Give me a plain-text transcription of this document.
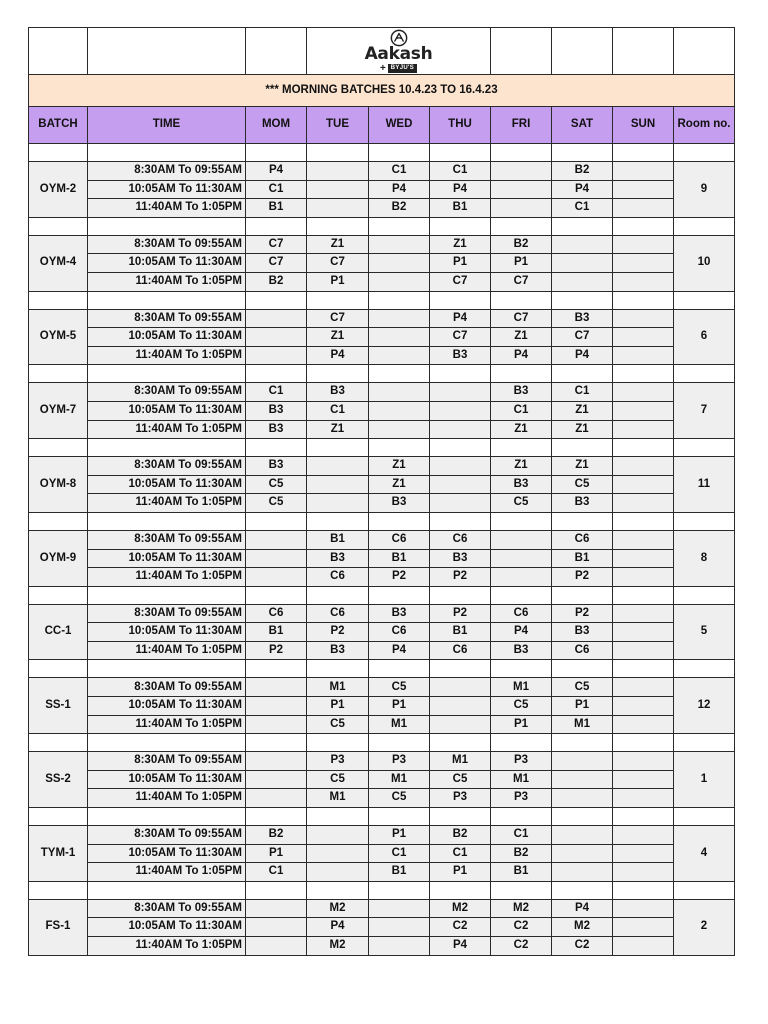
			Aakash
+ BYJU'S						

*** MORNING BATCHES 10.4.23 TO 16.4.23									
BATCH	TIME	MOM	TUE	WED	THU	FRI	SAT	SUN	Room no.

OYM-2	8:30AM To 09:55AM	P4		C1	C1		B2		9
	10:05AM To 11:30AM	C1		P4	P4		P4		
	11:40AM To 1:05PM	B1		B2	B1		C1		

OYM-4	8:30AM To 09:55AM	C7	Z1		Z1	B2			10
	10:05AM To 11:30AM	C7	C7		P1	P1			
	11:40AM To 1:05PM	B2	P1		C7	C7			

OYM-5	8:30AM To 09:55AM		C7		P4	C7	B3		6
	10:05AM To 11:30AM		Z1		C7	Z1	C7		
	11:40AM To 1:05PM		P4		B3	P4	P4		

OYM-7	8:30AM To 09:55AM	C1	B3			B3	C1		7
	10:05AM To 11:30AM	B3	C1			C1	Z1		
	11:40AM To 1:05PM	B3	Z1			Z1	Z1		

OYM-8	8:30AM To 09:55AM	B3		Z1		Z1	Z1		11
	10:05AM To 11:30AM	C5		Z1		B3	C5		
	11:40AM To 1:05PM	C5		B3		C5	B3		

OYM-9	8:30AM To 09:55AM		B1	C6	C6		C6		8
	10:05AM To 11:30AM		B3	B1	B3		B1		
	11:40AM To 1:05PM		C6	P2	P2		P2		

CC-1	8:30AM To 09:55AM	C6	C6	B3	P2	C6	P2		5
	10:05AM To 11:30AM	B1	P2	C6	B1	P4	B3		
	11:40AM To 1:05PM	P2	B3	P4	C6	B3	C6		

SS-1	8:30AM To 09:55AM		M1	C5		M1	C5		12
	10:05AM To 11:30AM		P1	P1		C5	P1		
	11:40AM To 1:05PM		C5	M1		P1	M1		

SS-2	8:30AM To 09:55AM		P3	P3	M1	P3			1
	10:05AM To 11:30AM		C5	M1	C5	M1			
	11:40AM To 1:05PM		M1	C5	P3	P3			

TYM-1	8:30AM To 09:55AM	B2		P1	B2	C1			4
	10:05AM To 11:30AM	P1		C1	C1	B2			
	11:40AM To 1:05PM	C1		B1	P1	B1			

FS-1	8:30AM To 09:55AM		M2		M2	M2	P4		2
	10:05AM To 11:30AM		P4		C2	C2	M2		
	11:40AM To 1:05PM		M2		P4	C2	C2		
